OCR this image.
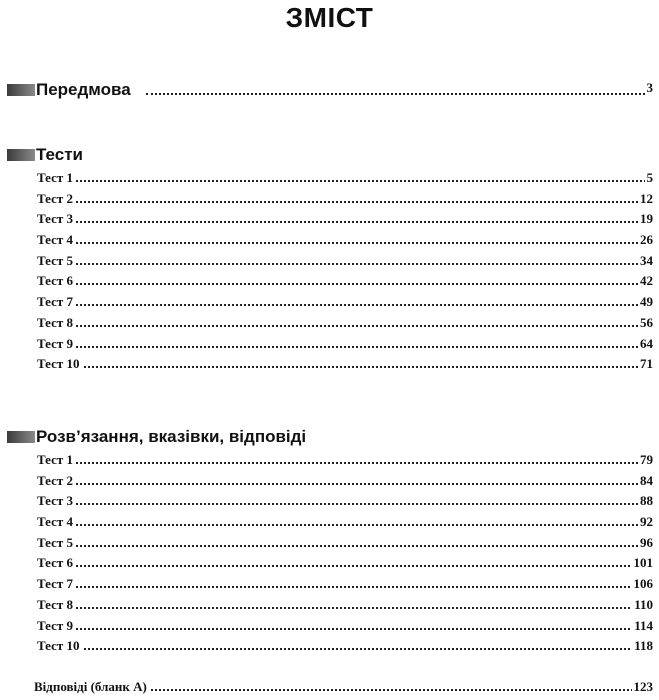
ЗМІСТ
Передмова	3
Тести
Тест 1	5
Тест 2	12
Тест 3	19
Тест 4	26
Тест 5	34
Тест 6	42
Тест 7	49
Тест 8	56
Тест 9	64
Тест 10	71
Розв’язання, вказівки, відповіді
Тест 1	79
Тест 2	84
Тест 3	88
Тест 4	92
Тест 5	96
Тест 6	101
Тест 7	106
Тест 8	110
Тест 9	114
Тест 10	118
Відповіді (бланк А)	123
